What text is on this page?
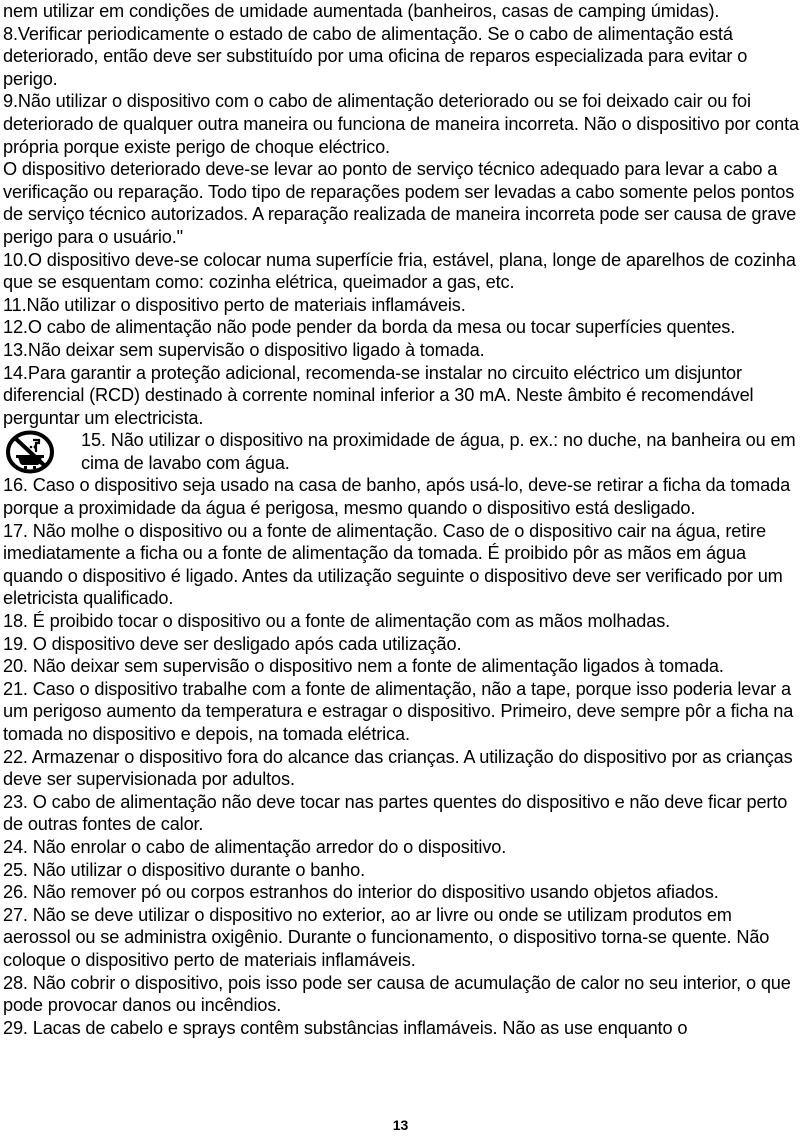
nem utilizar em condições de umidade aumentada (banheiros, casas de camping úmidas).

8.Verificar periodicamente o estado de cabo de alimentação. Se o cabo de alimentação está deteriorado, então deve ser substituído por uma oficina de reparos especializada para evitar o perigo.

9.Não utilizar o dispositivo com o cabo de alimentação deteriorado ou se foi deixado cair ou foi deteriorado de qualquer outra maneira ou funciona de maneira incorreta. Não o dispositivo por conta própria porque existe perigo de choque eléctrico.

O dispositivo deteriorado deve-se levar ao ponto de serviço técnico adequado para levar a cabo a verificação ou reparação. Todo tipo de reparações podem ser levadas a cabo somente pelos pontos de serviço técnico autorizados. A reparação realizada de maneira incorreta pode ser causa de grave perigo para o usuário."

10.O dispositivo deve-se colocar numa superfície fria, estável, plana, longe de aparelhos de cozinha que se esquentam como: cozinha elétrica, queimador a gas, etc.

11.Não utilizar o dispositivo perto de materiais inflamáveis.

12.O cabo de alimentação não pode pender da borda da mesa ou tocar superfícies quentes.

13.Não deixar sem supervisão o dispositivo ligado à tomada.

14.Para garantir a proteção adicional, recomenda-se instalar no circuito eléctrico um disjuntor diferencial (RCD) destinado à corrente nominal inferior a 30 mA. Neste âmbito é recomendável perguntar um electricista.

15. Não utilizar o dispositivo na proximidade de água, p. ex.: no duche, na banheira ou em cima de lavabo com água.

16. Caso o dispositivo seja usado na casa de banho, após usá-lo, deve-se retirar a ficha da tomada porque a proximidade da água é perigosa, mesmo quando o dispositivo está desligado.

17. Não molhe o dispositivo ou a fonte de alimentação. Caso de o dispositivo cair na água, retire imediatamente a ficha ou a fonte de alimentação da tomada. É proibido pôr as mãos em água quando o dispositivo é ligado. Antes da utilização seguinte o dispositivo deve ser verificado por um eletricista qualificado.

18. É proibido tocar o dispositivo ou a fonte de alimentação com as mãos molhadas.

19. O dispositivo deve ser desligado após cada utilização.

20. Não deixar sem supervisão o dispositivo nem a fonte de alimentação ligados à tomada.

21. Caso o dispositivo trabalhe com a fonte de alimentação, não a tape, porque isso poderia levar a um perigoso aumento da temperatura e estragar o dispositivo. Primeiro, deve sempre pôr a ficha na tomada no dispositivo e depois, na tomada elétrica.

22. Armazenar o dispositivo fora do alcance das crianças. A utilização do dispositivo por as crianças deve ser supervisionada por adultos.

23. O cabo de alimentação não deve tocar nas partes quentes do dispositivo e não deve ficar perto de outras fontes de calor.

24. Não enrolar o cabo de alimentação arredor do o dispositivo.

25. Não utilizar o dispositivo durante o banho.

26. Não remover pó ou corpos estranhos do interior do dispositivo usando objetos afiados.

27. Não se deve utilizar o dispositivo no exterior, ao ar livre ou onde se utilizam produtos em aerossol ou se administra oxigênio. Durante o funcionamento, o dispositivo torna-se quente. Não coloque o dispositivo perto de materiais inflamáveis.

28. Não cobrir o dispositivo, pois isso pode ser causa de acumulação de calor no seu interior, o que pode provocar danos ou incêndios.

29. Lacas de cabelo e sprays contêm substâncias inflamáveis. Não as use enquanto o

13
